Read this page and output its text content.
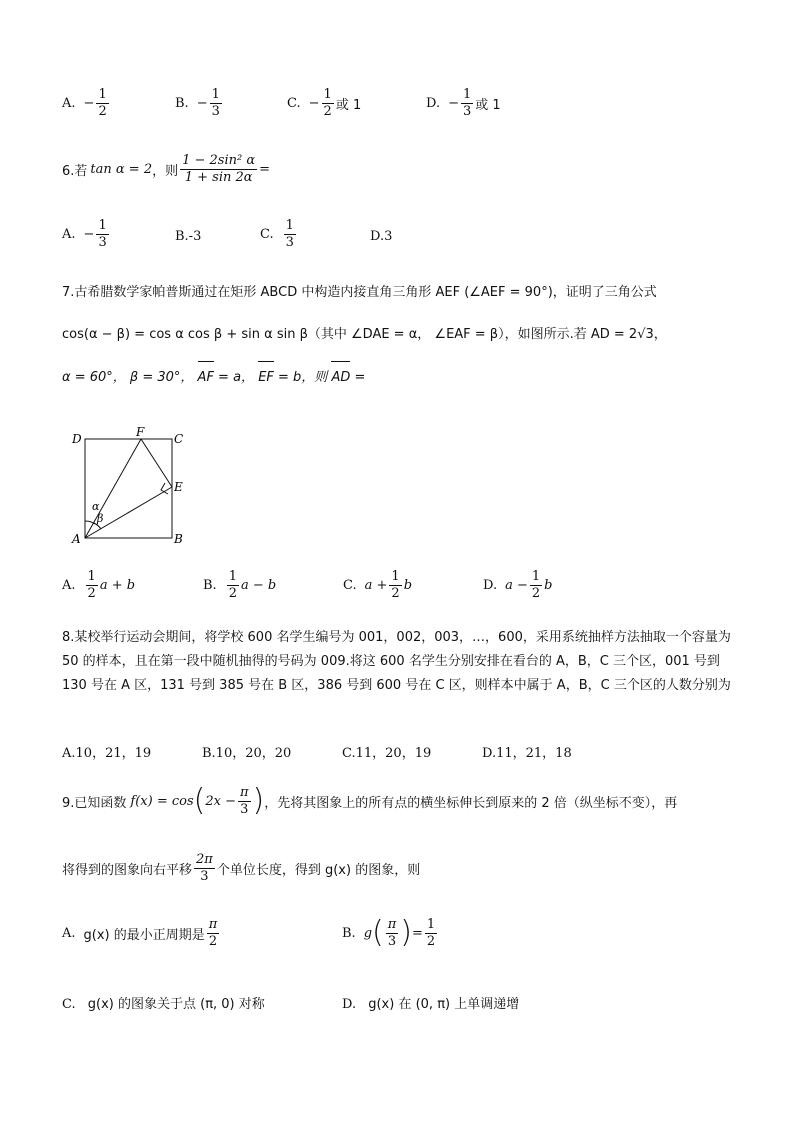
A. − $\frac{1}{2}$	B. − $\frac{1}{3}$	C. − $\frac{1}{2}$ 或 1	D. − $\frac{1}{3}$ 或 1
6.若 tan α = 2 ，则 $\frac{\text{1 − 2sin² α}}{1 + \sin 2\alpha}$ =
A. − $\frac{1}{3}$	B.-3	C. $\frac{1}{3}$	D.3
7.古希腊数学家帕普斯通过在矩形 ABCD 中构造内接直角三角形 AEF (∠AEF = 90°)，证明了三角公式
cos(α − β) = cos α cos β + sin α sin β（其中 ∠DAE = α， ∠EAF = β），如图所示.若 AD = 2√3，
α = 60°， β = 30°， AF = a， EF = b，则 AD =
D	F C
E
A	B
α
β
A. $\frac{1}{2}$ a + b	B. $\frac{1}{2}$ a − b	C. $a + \frac{1}{2}$ b	D. $a - \frac{1}{2}$ b
8.某校举行运动会期间，将学校 600 名学生编号为 001，002，003，…，600，采用系统抽样方法抽取一个容量为 50 的样本，且在第一段中随机抽得的号码为 009.将这 600 名学生分别安排在看台的 A，B，C 三个区，001 号到 130 号在 A 区，131 号到 385 号在 B 区，386 号到 600 号在 C 区，则样本中属于 A，B，C 三个区的人数分别为
A.10，21，19	B.10，20，20	C.11，20，19	D.11，21，18
9.已知函数 f(x) = cos ( $2x - \frac{\pi}{3}$ ) ，先将其图象上的所有点的横坐标伸长到原来的 2 倍（纵坐标不变），再
将得到的图象向右平移 $\frac{2\pi}{3}$ 个单位长度，得到 g(x) 的图象，则
A. g(x) 的最小正周期是 $\frac{\pi}{2}$	B. g ( $\frac{\pi}{3}$ ) = $\frac{1}{2}$
C. g(x) 的图象关于点 (π, 0) 对称	D. g(x) 在 (0, π) 上单调递增
